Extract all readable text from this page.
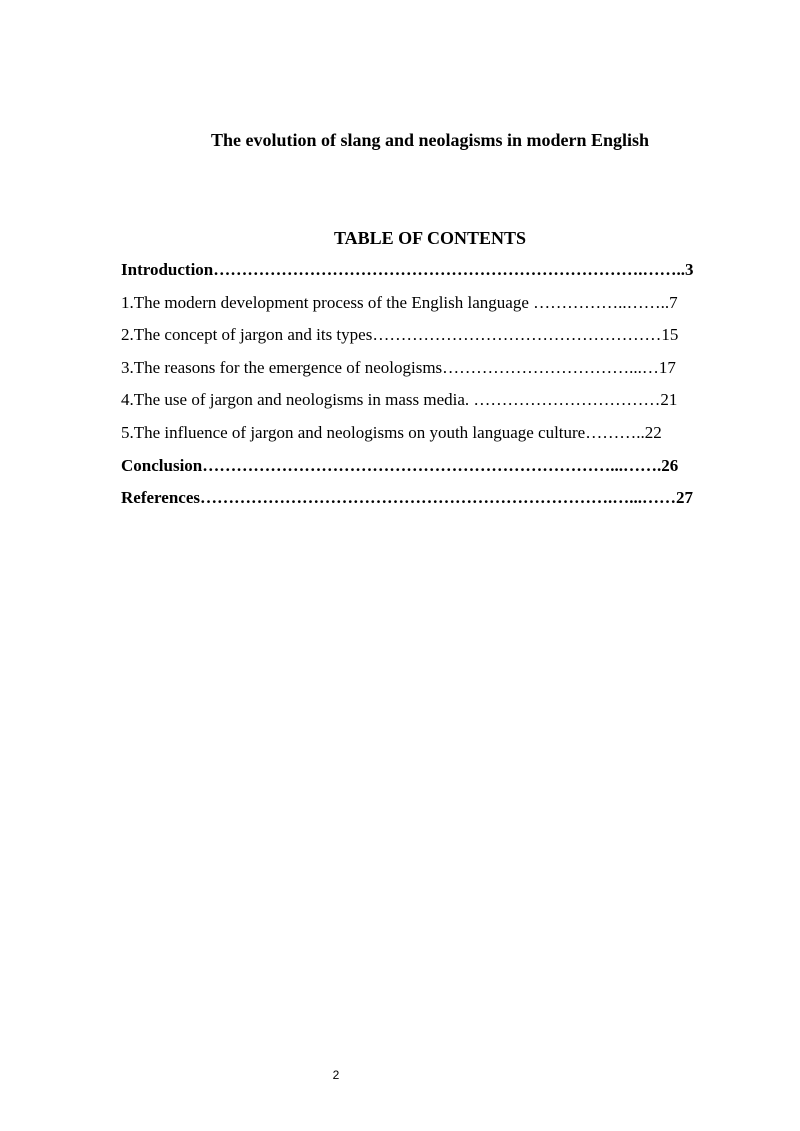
The evolution of slang and neolagisms in modern English
TABLE OF CONTENTS
Introduction………………………………………………………………….……..3
1.The modern development process of the English language ……………..……..7
2.The concept of jargon and its types……………………………………………15
3.The reasons for the emergence of neologisms……………………………...…17
4.The use of jargon and neologisms in mass media. ……………………………21
5.The influence of jargon and neologisms on youth language culture………..22
Conclusion………………………………………………………………...…….26
References……………………………………………………………….…...……27
2
